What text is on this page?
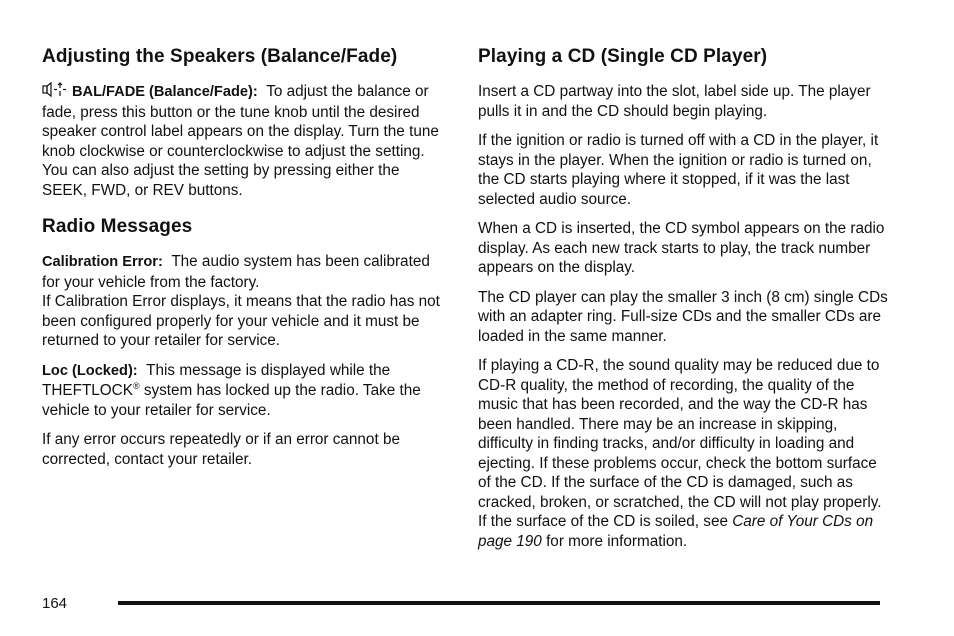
Adjusting the Speakers (Balance/Fade)

BAL/FADE (Balance/Fade): To adjust the balance or fade, press this button or the tune knob until the desired speaker control label appears on the display. Turn the tune knob clockwise or counterclockwise to adjust the setting. You can also adjust the setting by pressing either the SEEK, FWD, or REV buttons.

Radio Messages

Calibration Error: The audio system has been calibrated for your vehicle from the factory.
If Calibration Error displays, it means that the radio has not been configured properly for your vehicle and it must be returned to your retailer for service.

Loc (Locked): This message is displayed while the THEFTLOCK® system has locked up the radio. Take the vehicle to your retailer for service.

If any error occurs repeatedly or if an error cannot be corrected, contact your retailer.

Playing a CD (Single CD Player)

Insert a CD partway into the slot, label side up. The player pulls it in and the CD should begin playing.

If the ignition or radio is turned off with a CD in the player, it stays in the player. When the ignition or radio is turned on, the CD starts playing where it stopped, if it was the last selected audio source.

When a CD is inserted, the CD symbol appears on the radio display. As each new track starts to play, the track number appears on the display.

The CD player can play the smaller 3 inch (8 cm) single CDs with an adapter ring. Full-size CDs and the smaller CDs are loaded in the same manner.

If playing a CD-R, the sound quality may be reduced due to CD-R quality, the method of recording, the quality of the music that has been recorded, and the way the CD-R has been handled. There may be an increase in skipping, difficulty in finding tracks, and/or difficulty in loading and ejecting. If these problems occur, check the bottom surface of the CD. If the surface of the CD is damaged, such as cracked, broken, or scratched, the CD will not play properly. If the surface of the CD is soiled, see Care of Your CDs on page 190 for more information.

164
